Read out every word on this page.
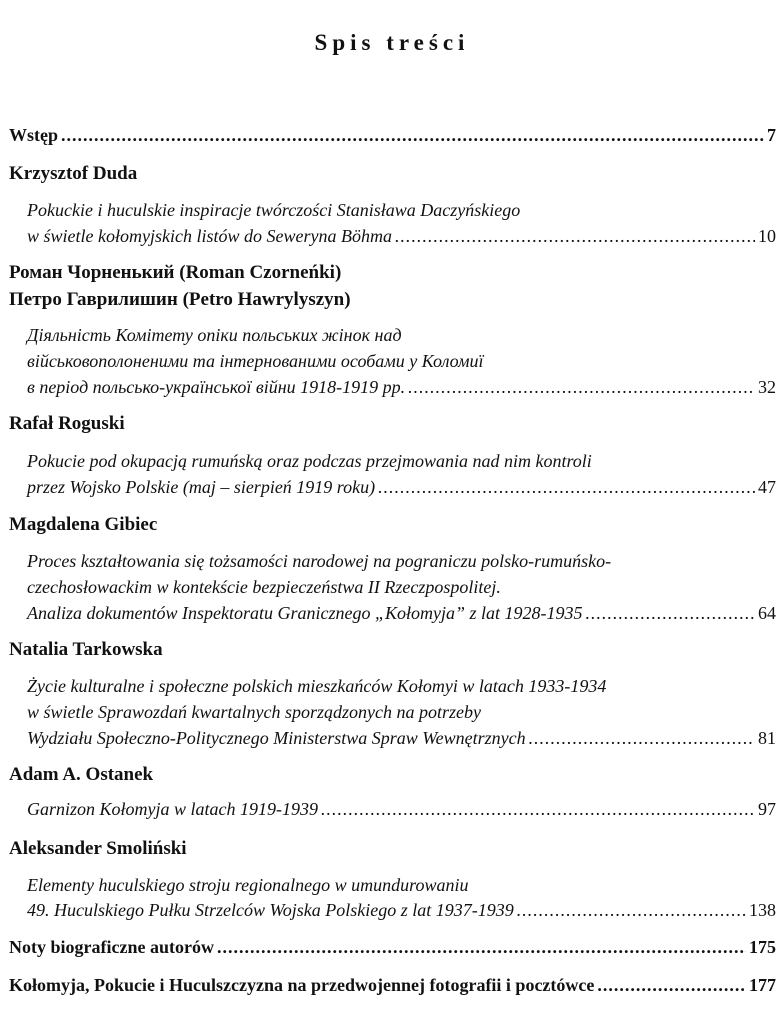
Spis treści
Wstęp .....	7
Krzysztof Duda
Pokuckie i huculskie inspiracje twórczości Stanisława Daczyńskiego
w świetle kołomyjskich listów do Seweryna Böhma .....	10
Роман Чорненький (Roman Czorneńki)
Петро Гаврилишин (Petro Hawrylyszyn)
Діяльність Комітету опіки польських жінок над
військовополоненими та інтернованими особами у Коломиї
в період польсько-української війни 1918-1919 рр. .....	32
Rafał Roguski
Pokucie pod okupacją rumuńską oraz podczas przejmowania nad nim kontroli
przez Wojsko Polskie (maj – sierpień 1919 roku) .....	47
Magdalena Gibiec
Proces kształtowania się tożsamości narodowej na pograniczu polsko-rumuńsko-
czechosłowackim w kontekście bezpieczeństwa II Rzeczpospolitej.
Analiza dokumentów Inspektoratu Granicznego „Kołomyja” z lat 1928-1935 .....	64
Natalia Tarkowska
Życie kulturalne i społeczne polskich mieszkańców Kołomyi w latach 1933-1934
w świetle Sprawozdań kwartalnych sporządzonych na potrzeby
Wydziału Społeczno-Politycznego Ministerstwa Spraw Wewnętrznych .....	81
Adam A. Ostanek
Garnizon Kołomyja w latach 1919-1939 .....	97
Aleksander Smoliński
Elementy huculskiego stroju regionalnego w umundurowaniu
49. Huculskiego Pułku Strzelców Wojska Polskiego z lat 1937-1939 .....	138
Noty biograficzne autorów .....	175
Kołomyja, Pokucie i Huculszczyzna na przedwojennej fotografii i pocztówce .....	177
